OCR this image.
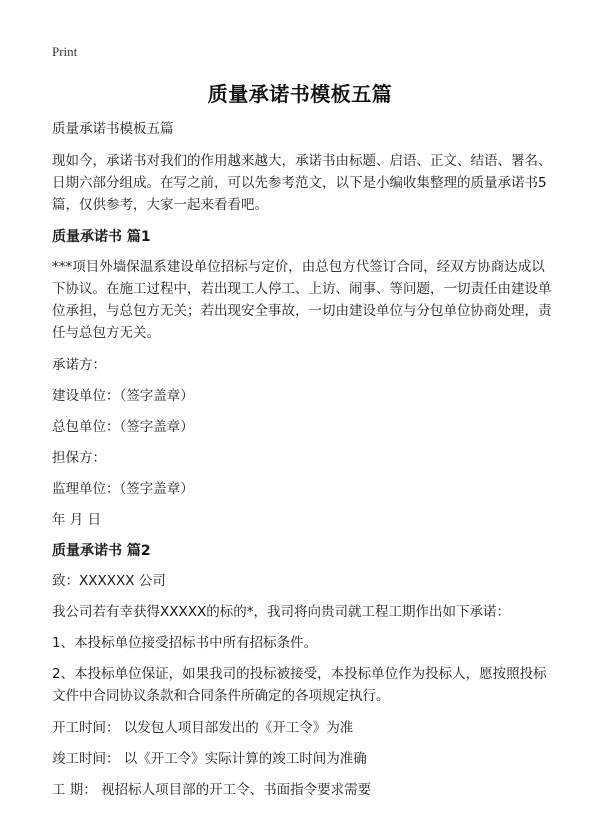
Print
质量承诺书模板五篇

质量承诺书模板五篇

现如今，承诺书对我们的作用越来越大，承诺书由标题、启语、正文、结语、署名、日期六部分组成。在写之前，可以先参考范文，以下是小编收集整理的质量承诺书5篇，仅供参考，大家一起来看看吧。

质量承诺书 篇1

***项目外墙保温系建设单位招标与定价，由总包方代签订合同，经双方协商达成以下协议。在施工过程中，若出现工人停工、上访、闹事、等问题，一切责任由建设单位承担，与总包方无关；若出现安全事故，一切由建设单位与分包单位协商处理，责任与总包方无关。

承诺方：

建设单位：（签字盖章）

总包单位：（签字盖章）

担保方：

监理单位：（签字盖章）

年 月 日

质量承诺书 篇2

致：XXXXXX 公司

我公司若有幸获得XXXXX的标的*，我司将向贵司就工程工期作出如下承诺：

1、本投标单位接受招标书中所有招标条件。

2、本投标单位保证，如果我司的投标被接受，本投标单位作为投标人，愿按照投标文件中合同协议条款和合同条件所确定的各项规定执行。

开工时间： 以发包人项目部发出的《开工令》为准

竣工时间： 以《开工令》实际计算的竣工时间为准确

工 期： 视招标人项目部的开工令、书面指令要求需要
